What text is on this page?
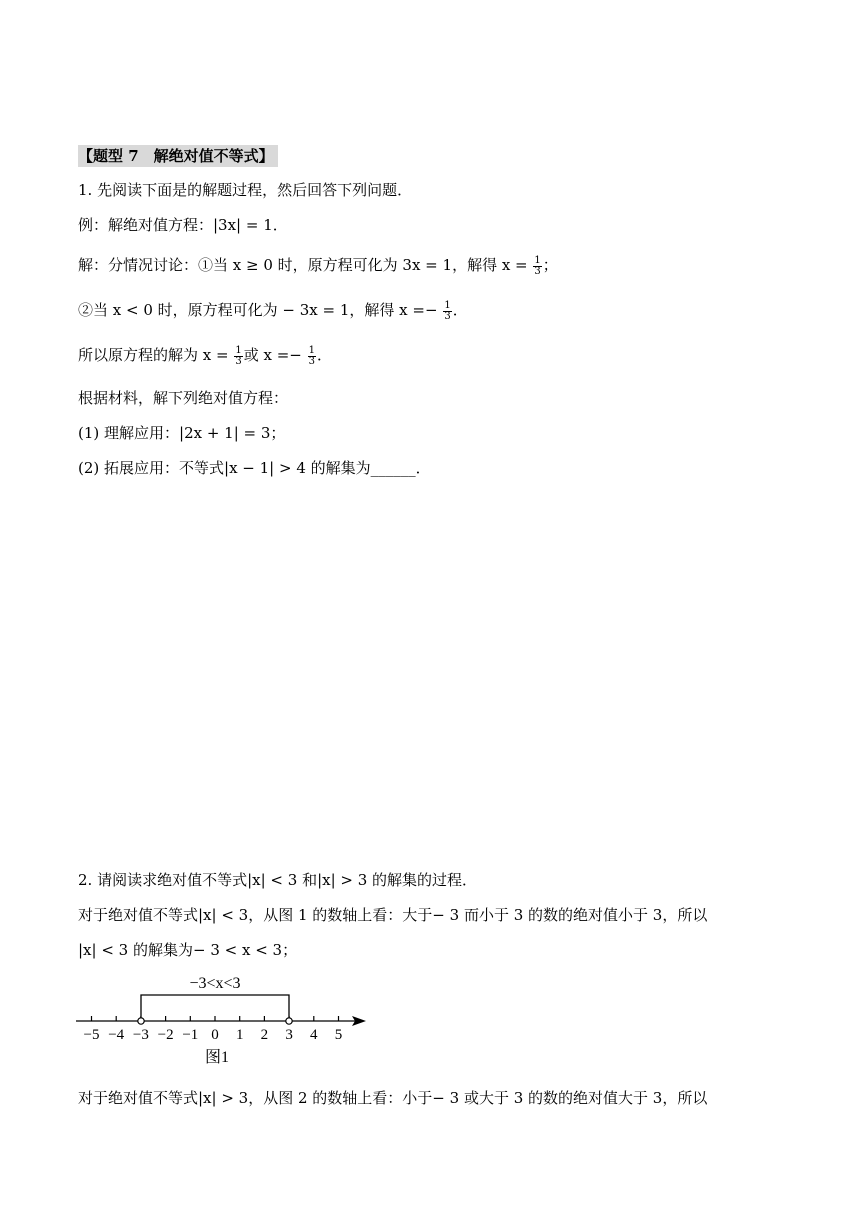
【题型 7　解绝对值不等式】
1. 先阅读下面是的解题过程，然后回答下列问题．
例：解绝对值方程：|3x| = 1．
解：分情况讨论：①当 x ≥ 0 时，原方程可化为 3x = 1，解得 $x = \frac{1}{3}$ ；
②当 x < 0 时，原方程可化为 − 3x = 1，解得 $x =- \frac{1}{3}$ ．
所以原方程的解为 $x = \frac{1}{3}$ 或 $x =- \frac{1}{3}$ ．
根据材料，解下列绝对值方程：
(1) 理解应用：|2x + 1| = 3；
(2) 拓展应用：不等式|x − 1| > 4 的解集为______．
2. 请阅读求绝对值不等式|x| < 3 和|x| > 3 的解集的过程．
对于绝对值不等式|x| < 3，从图 1 的数轴上看：大于− 3 而小于 3 的数的绝对值小于 3，所以
|x| < 3 的解集为− 3 < x < 3；
−3<x<3
−5 −4 −3 −2 −1 0 1 2 3 4 5
图1
对于绝对值不等式|x| > 3，从图 2 的数轴上看：小于− 3 或大于 3 的数的绝对值大于 3，所以
